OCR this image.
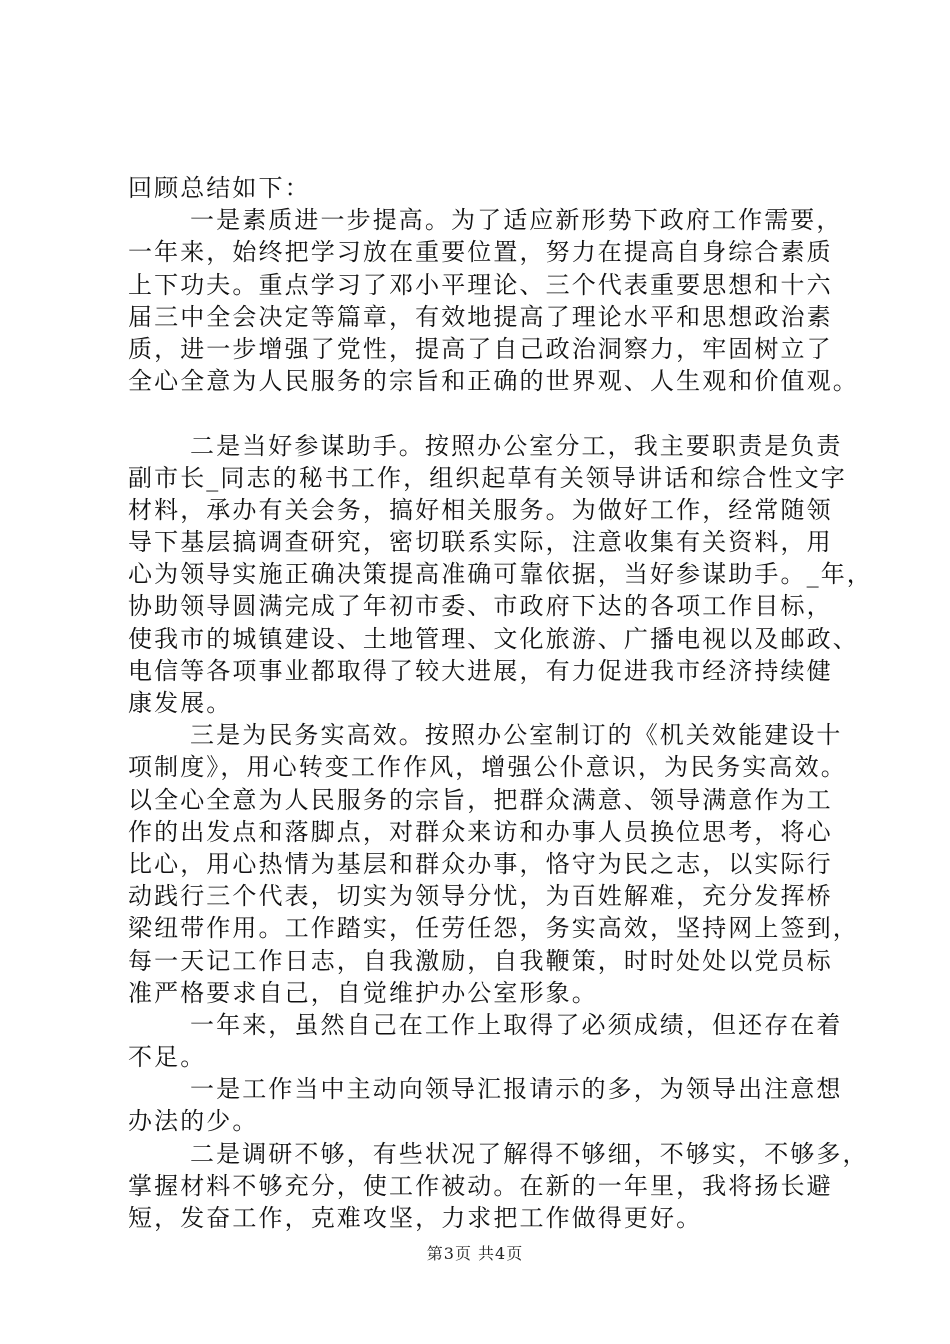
回顾总结如下：
一是素质进一步提高。为了适应新形势下政府工作需要，
一年来，始终把学习放在重要位置，努力在提高自身综合素质
上下功夫。重点学习了邓小平理论、三个代表重要思想和十六
届三中全会决定等篇章，有效地提高了理论水平和思想政治素
质，进一步增强了党性，提高了自己政治洞察力，牢固树立了
全心全意为人民服务的宗旨和正确的世界观、人生观和价值观。
二是当好参谋助手。按照办公室分工，我主要职责是负责
副市长_同志的秘书工作，组织起草有关领导讲话和综合性文字
材料，承办有关会务，搞好相关服务。为做好工作，经常随领
导下基层搞调查研究，密切联系实际，注意收集有关资料，用
心为领导实施正确决策提高准确可靠依据，当好参谋助手。_年，
协助领导圆满完成了年初市委、市政府下达的各项工作目标，
使我市的城镇建设、土地管理、文化旅游、广播电视以及邮政、
电信等各项事业都取得了较大进展，有力促进我市经济持续健
康发展。
三是为民务实高效。按照办公室制订的《机关效能建设十
项制度》，用心转变工作作风，增强公仆意识，为民务实高效。
以全心全意为人民服务的宗旨，把群众满意、领导满意作为工
作的出发点和落脚点，对群众来访和办事人员换位思考，将心
比心，用心热情为基层和群众办事，恪守为民之志，以实际行
动践行三个代表，切实为领导分忧，为百姓解难，充分发挥桥
梁纽带作用。工作踏实，任劳任怨，务实高效，坚持网上签到，
每一天记工作日志，自我激励，自我鞭策，时时处处以党员标
准严格要求自己，自觉维护办公室形象。
一年来，虽然自己在工作上取得了必须成绩，但还存在着
不足。
一是工作当中主动向领导汇报请示的多，为领导出注意想
办法的少。
二是调研不够，有些状况了解得不够细，不够实，不够多，
掌握材料不够充分，使工作被动。在新的一年里，我将扬长避
短，发奋工作，克难攻坚，力求把工作做得更好。
第3页 共4页
